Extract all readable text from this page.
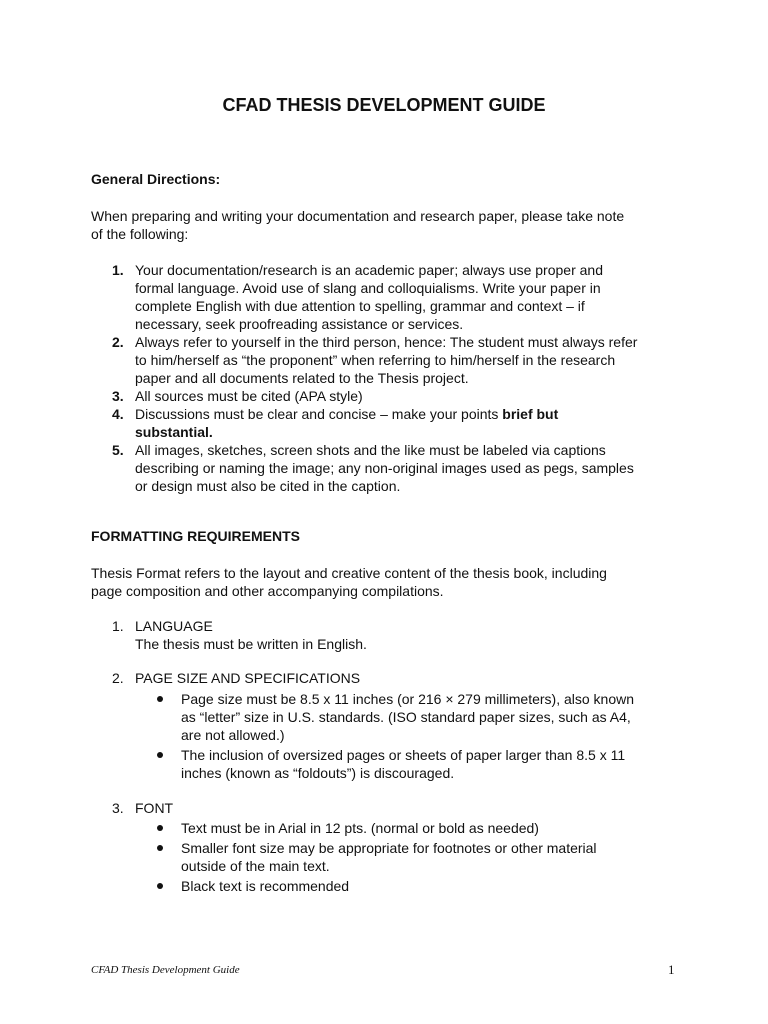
CFAD THESIS DEVELOPMENT GUIDE
General Directions:
When preparing and writing your documentation and research paper, please take note
of the following:
1. Your documentation/research is an academic paper; always use proper and
formal language. Avoid use of slang and colloquialisms. Write your paper in
complete English with due attention to spelling, grammar and context – if
necessary, seek proofreading assistance or services.
2. Always refer to yourself in the third person, hence: The student must always refer
to him/herself as “the proponent” when referring to him/herself in the research
paper and all documents related to the Thesis project.
3. All sources must be cited (APA style)
4. Discussions must be clear and concise – make your points brief but
substantial.
5. All images, sketches, screen shots and the like must be labeled via captions
describing or naming the image; any non-original images used as pegs, samples
or design must also be cited in the caption.
FORMATTING REQUIREMENTS
Thesis Format refers to the layout and creative content of the thesis book, including
page composition and other accompanying compilations.
1. LANGUAGE
The thesis must be written in English.
2. PAGE SIZE AND SPECIFICATIONS
Page size must be 8.5 x 11 inches (or 216 × 279 millimeters), also known
as “letter” size in U.S. standards. (ISO standard paper sizes, such as A4,
are not allowed.)
The inclusion of oversized pages or sheets of paper larger than 8.5 x 11
inches (known as “foldouts”) is discouraged.
3. FONT
Text must be in Arial in 12 pts. (normal or bold as needed)
Smaller font size may be appropriate for footnotes or other material
outside of the main text.
Black text is recommended
CFAD Thesis Development Guide	1
